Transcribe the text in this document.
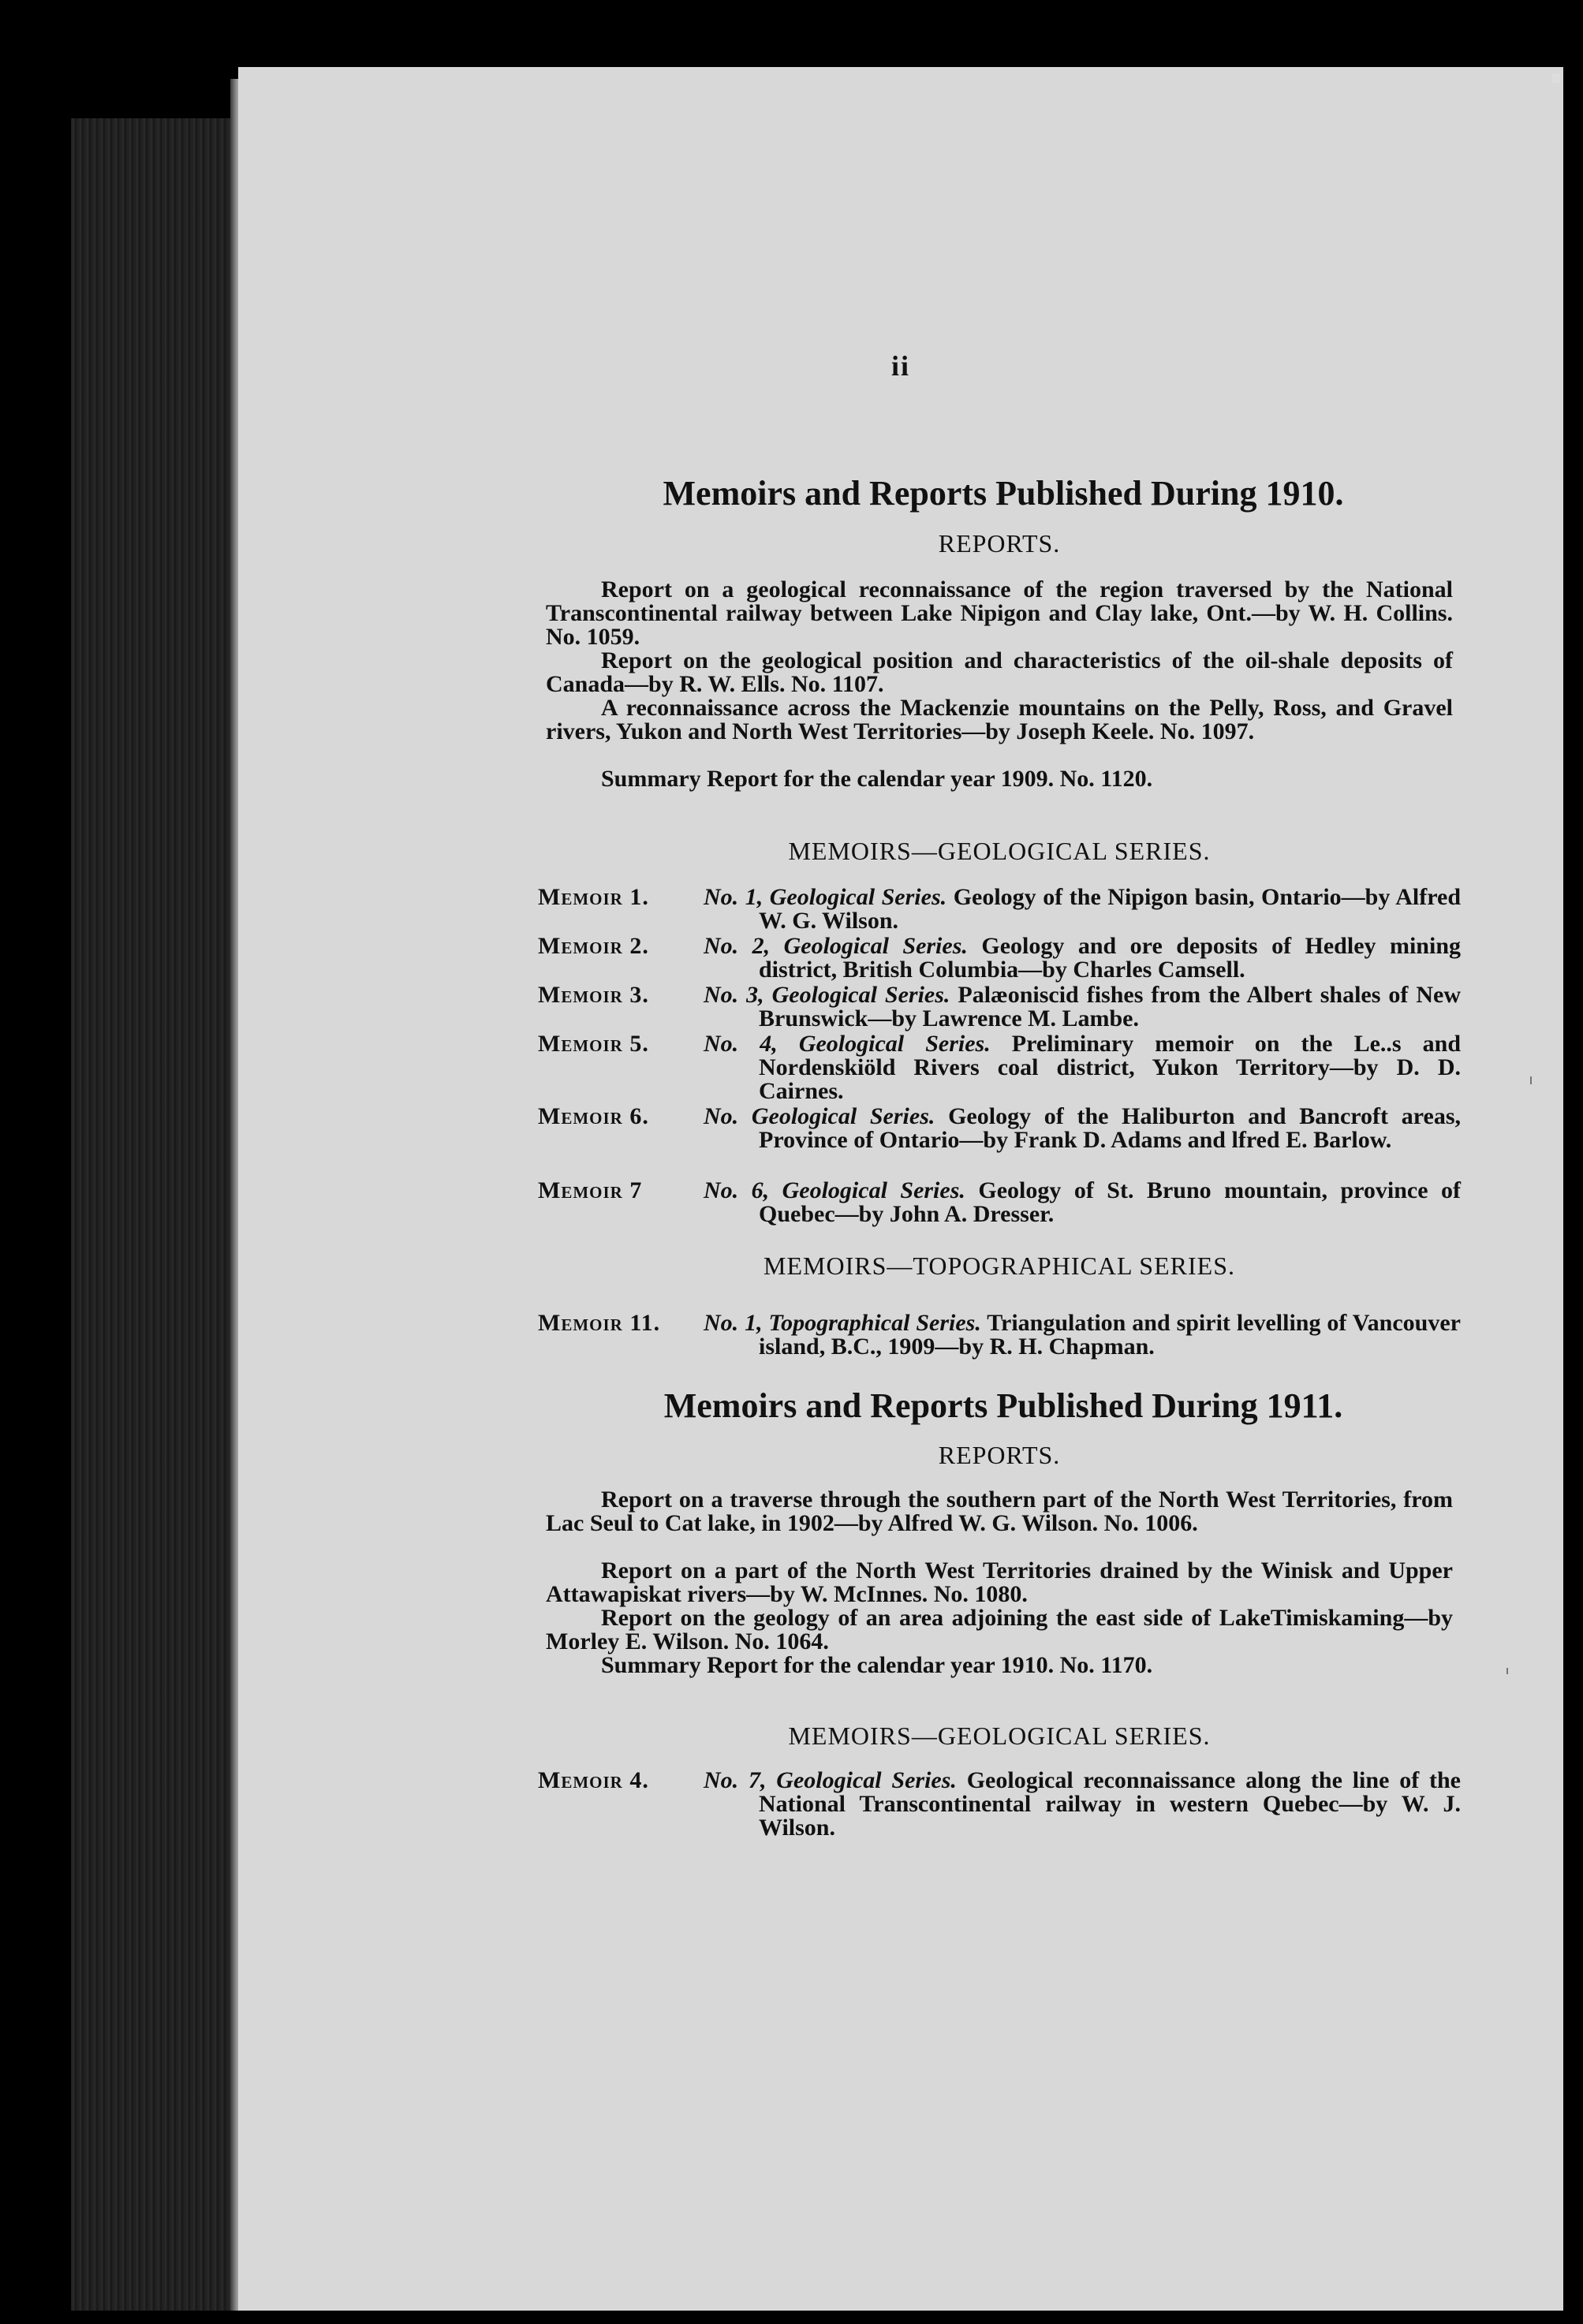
ii
Memoirs and Reports Published During 1910.
REPORTS.
Report on a geological reconnaissance of the region traversed by the National Transcontinental railway between Lake Nipigon and Clay lake, Ont.—by W. H. Collins. No. 1059.
Report on the geological position and characteristics of the oil-shale deposits of Canada—by R. W. Ells. No. 1107.
A reconnaissance across the Mackenzie mountains on the Pelly, Ross, and Gravel rivers, Yukon and North West Territories—by Joseph Keele. No. 1097.
Summary Report for the calendar year 1909. No. 1120.
MEMOIRS—GEOLOGICAL SERIES.
Memoir 1.	No. 1, Geological Series. Geology of the Nipigon basin, Ontario—by Alfred W. G. Wilson.
Memoir 2.	No. 2, Geological Series. Geology and ore deposits of Hedley mining district, British Columbia—by Charles Camsell.
Memoir 3.	No. 3, Geological Series. Palæoniscid fishes from the Albert shales of New Brunswick—by Lawrence M. Lambe.
Memoir 5.	No. 4, Geological Series. Preliminary memoir on the Le..s and Nordenskiöld Rivers coal district, Yukon Territory—by D. D. Cairnes.
Memoir 6.	No. Geological Series. Geology of the Haliburton and Bancroft areas, Province of Ontario—by Frank D. Adams and lfred E. Barlow.
Memoir 7	No. 6, Geological Series. Geology of St. Bruno mountain, province of Quebec—by John A. Dresser.
MEMOIRS—TOPOGRAPHICAL SERIES.
Memoir 11.	No. 1, Topographical Series. Triangulation and spirit levelling of Vancouver island, B.C., 1909—by R. H. Chapman.
Memoirs and Reports Published During 1911.
REPORTS.
Report on a traverse through the southern part of the North West Territories, from Lac Seul to Cat lake, in 1902—by Alfred W. G. Wilson. No. 1006.
Report on a part of the North West Territories drained by the Winisk and Upper Attawapiskat rivers—by W. McInnes. No. 1080.
Report on the geology of an area adjoining the east side of LakeTimiskaming—by Morley E. Wilson. No. 1064.
Summary Report for the calendar year 1910. No. 1170.
MEMOIRS—GEOLOGICAL SERIES.
Memoir 4.	No. 7, Geological Series. Geological reconnaissance along the line of the National Transcontinental railway in western Quebec—by W. J. Wilson.
